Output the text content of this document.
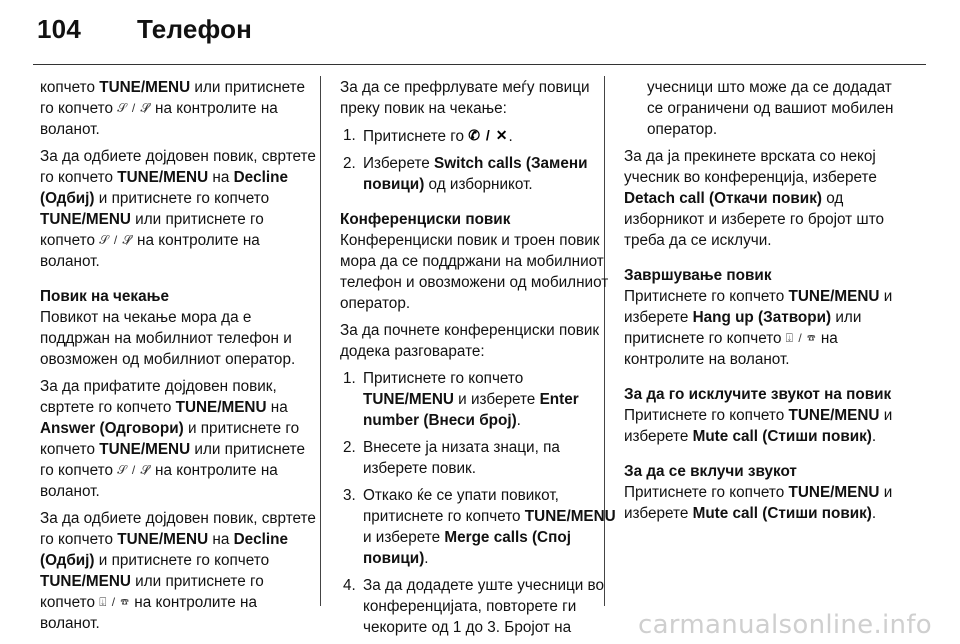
104 Телефон

копчето TUNE/MENU или притиснете го копчето 𝒮 / 𝒮̸ на контролите на воланот.

За да одбиете дојдовен повик, свртете го копчето TUNE/MENU на Decline (Одбиј) и притиснете го копчето TUNE/MENU или притиснете го копчето 𝒮 / 𝒮̸ на контролите на воланот.

Повик на чекање

Повикот на чекање мора да е поддржан на мобилниот телефон и овозможен од мобилниот оператор.

За да прифатите дојдовен повик, свртете го копчето TUNE/MENU на Answer (Одговори) и притиснете го копчето TUNE/MENU или притиснете го копчето 𝒮 / 𝒮̸ на контролите на воланот.

За да одбиете дојдовен повик, свртете го копчето TUNE/MENU на Decline (Одбиј) и притиснете го копчето TUNE/MENU или притиснете го копчето ⍗ / ☎ на контролите на воланот.

За да се префрлувате меѓу повици преку повик на чекање:

1. Притиснете го ✆ / ✕.
2. Изберете Switch calls (Замени повици) од изборникот.

Конференциски повик

Конференциски повик и троен повик мора да се поддржани на мобилниот телефон и овозможени од мобилниот оператор.

За да почнете конференциски повик додека разговарате:

1. Притиснете го копчето TUNE/MENU и изберете Enter number (Внеси број).
2. Внесете ја низата знаци, па изберете повик.
3. Откако ќе се упати повикот, притиснете го копчето TUNE/MENU и изберете Merge calls (Спој повици).
4. За да додадете уште учесници во конференцијата, повторете ги чекорите од 1 до 3. Бројот на

учесници што може да се додадат се ограничени од вашиот мобилен оператор.

За да ја прекинете врската со некој учесник во конференција, изберете Detach call (Откачи повик) од изборникот и изберете го бројот што треба да се исклучи.

Завршување повик

Притиснете го копчето TUNE/MENU и изберете Hang up (Затвори) или притиснете го копчето ⍗ / ☎ на контролите на воланот.

За да го исклучите звукот на повик

Притиснете го копчето TUNE/MENU и изберете Mute call (Стиши повик).

За да се вклучи звукот

Притиснете го копчето TUNE/MENU и изберете Mute call (Стиши повик).

carmanualsonline.info
